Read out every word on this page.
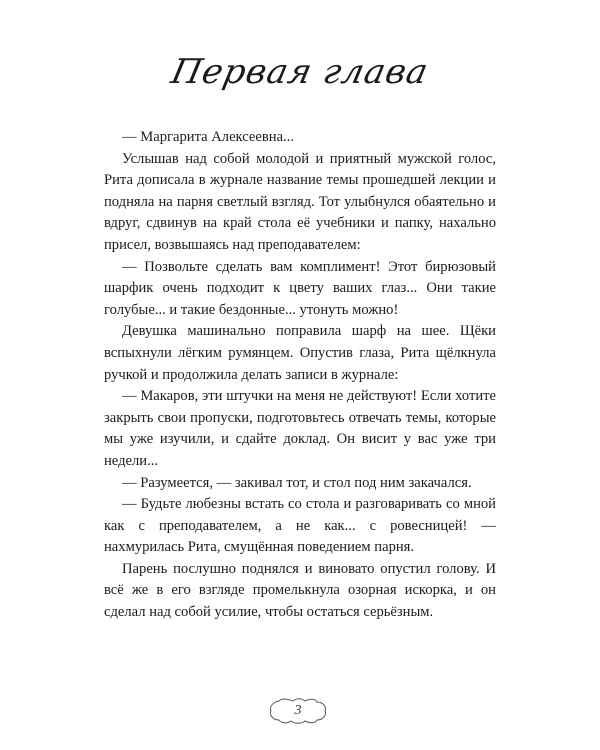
Первая глава

— Маргарита Алексеевна...

Услышав над собой молодой и приятный мужской голос, Рита дописала в журнале название темы прошедшей лекции и подняла на парня светлый взгляд. Тот улыбнулся обаятельно и вдруг, сдвинув на край стола её учебники и папку, нахально присел, возвышаясь над преподавателем:

— Позвольте сделать вам комплимент! Этот бирюзовый шарфик очень подходит к цвету ваших глаз... Они такие голубые... и такие бездонные... утонуть можно!

Девушка машинально поправила шарф на шее. Щёки вспыхнули лёгким румянцем. Опустив глаза, Рита щёлкнула ручкой и продолжила делать записи в журнале:

— Макаров, эти штучки на меня не действуют! Если хотите закрыть свои пропуски, подготовьтесь отвечать темы, которые мы уже изучили, и сдайте доклад. Он висит у вас уже три недели...

— Разумеется, — закивал тот, и стол под ним закачался.

— Будьте любезны встать со стола и разговаривать со мной как с преподавателем, а не как... с ровесницей! — нахмурилась Рита, смущённая поведением парня.

Парень послушно поднялся и виновато опустил голову. И всё же в его взгляде промелькнула озорная искорка, и он сделал над собой усилие, чтобы остаться серьёзным.

3
